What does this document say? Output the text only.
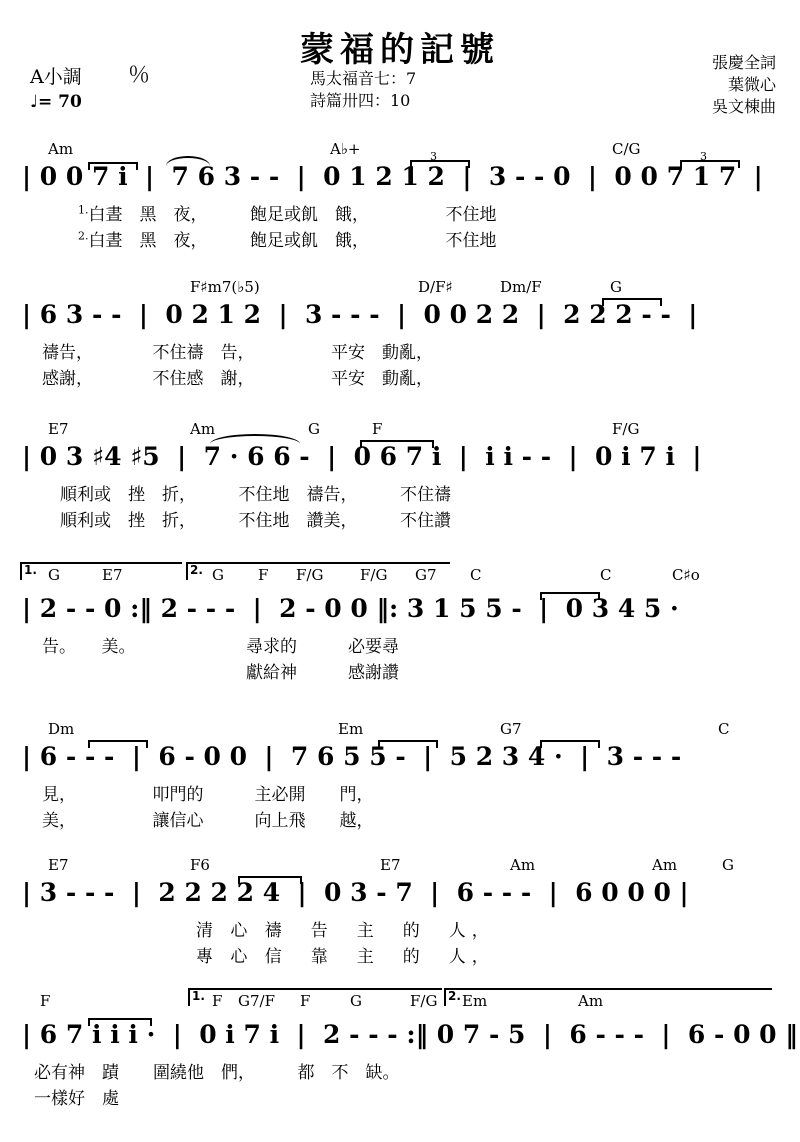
蒙福的記號
A小調 ％
♩= 70
馬太福音七：7
詩篇卅四：10
張慶全詞
葉微心
吳文棟曲
Am	A♭+	C/G
| 0 0 7 i  |  7 6 3 - -  |  0 1 2 1 2  |  3 - - 0  |  0 0 7 1 7  |
3	3
$^{1.}$白晝　黑　夜，　　　飽足或飢　餓，　　　　　不住地
$^{2.}$白晝　黑　夜，　　　飽足或飢　餓，　　　　　不住地
F♯m7(♭5)	D/F♯	Dm/F	G
| 6 3 - -  |  0 2 1 2  |  3 - - -  |  0 0 2 2  |  2 2 2 - -  |
禱告，　　　　不住禱　告，　　　　　平安　動亂，
感謝，　　　　不住感　謝，　　　　　平安　動亂，
E7	Am	G	F	F/G
| 0 3 ♯4 ♯5  |  7 · 6 6 -  |  0 6 7 i  |  i i - -  |  0 i 7 i  |
順利或　挫　折，　　　不住地　禱告，　　　不住禱
順利或　挫　折，　　　不住地　讚美，　　　不住讚
1.	2.
G	E7	G F F/G F/G G7 C	C	C♯o
| 2 - - 0 :‖ 2 - - -  |  2 - 0 0 ‖: 3 1 5 5 -  |  0 3 4 5 ·
告。　　美。　　　　　　　尋求的　　　必要尋
　　　　　　　　　　　　獻給神　　　感謝讚
Dm	Em	G7	C
| 6 - - -  |  6 - 0 0  |  7 6 5 5 -  |  5 2 3 4 ·  |  3 - - -
見，　　　　　叩門的　　　主必開　　門，
美，　　　　　讓信心　　　向上飛　　越，
E7	F6	E7	Am	Am	G
| 3 - - -  |  2 2 2 2 4  |  0 3 - 7  |  6 - - -  |  6 0 0 0 |
　　清 心 禱　告　主　的　人，
　　專 心 信　靠　主　的　人，
1.	2.
F	F G7/F F	G	F/G Em	Am
| 6 7 i i i ·  |  0 i 7 i  |  2 - - - :‖ 0 7 - 5  |  6 - - -  |  6 - 0 0 ‖
必有神　蹟　　圍繞他　們，　　　都　不　缺。
一樣好　處
